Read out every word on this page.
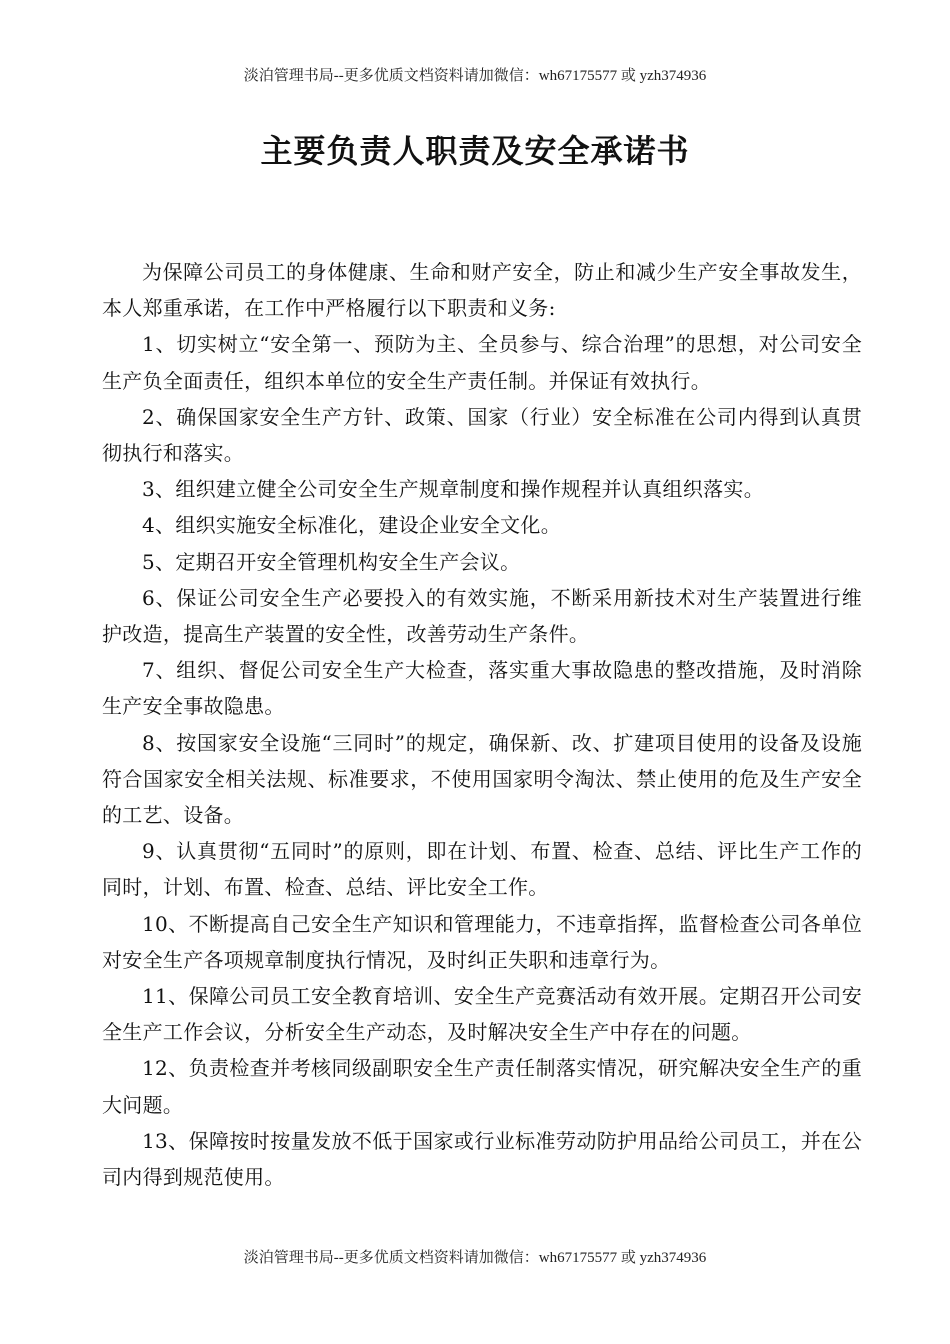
淡泊管理书局--更多优质文档资料请加微信：wh67175577 或 yzh374936
主要负责人职责及安全承诺书

为保障公司员工的身体健康、生命和财产安全，防止和减少生产安全事故发生，本人郑重承诺，在工作中严格履行以下职责和义务:

1、切实树立“安全第一、预防为主、全员参与、综合治理”的思想，对公司安全生产负全面责任，组织本单位的安全生产责任制。并保证有效执行。

2、确保国家安全生产方针、政策、国家（行业）安全标准在公司内得到认真贯彻执行和落实。

3、组织建立健全公司安全生产规章制度和操作规程并认真组织落实。

4、组织实施安全标准化，建设企业安全文化。

5、定期召开安全管理机构安全生产会议。

6、保证公司安全生产必要投入的有效实施，不断采用新技术对生产装置进行维护改造，提高生产装置的安全性，改善劳动生产条件。

7、组织、督促公司安全生产大检查，落实重大事故隐患的整改措施，及时消除生产安全事故隐患。

8、按国家安全设施“三同时”的规定，确保新、改、扩建项目使用的设备及设施符合国家安全相关法规、标准要求，不使用国家明令淘汰、禁止使用的危及生产安全的工艺、设备。

9、认真贯彻“五同时”的原则，即在计划、布置、检查、总结、评比生产工作的同时，计划、布置、检查、总结、评比安全工作。

10、不断提高自己安全生产知识和管理能力，不违章指挥，监督检查公司各单位对安全生产各项规章制度执行情况，及时纠正失职和违章行为。

11、保障公司员工安全教育培训、安全生产竞赛活动有效开展。定期召开公司安全生产工作会议，分析安全生产动态，及时解决安全生产中存在的问题。

12、负责检查并考核同级副职安全生产责任制落实情况，研究解决安全生产的重大问题。

13、保障按时按量发放不低于国家或行业标准劳动防护用品给公司员工，并在公司内得到规范使用。

淡泊管理书局--更多优质文档资料请加微信：wh67175577 或 yzh374936
